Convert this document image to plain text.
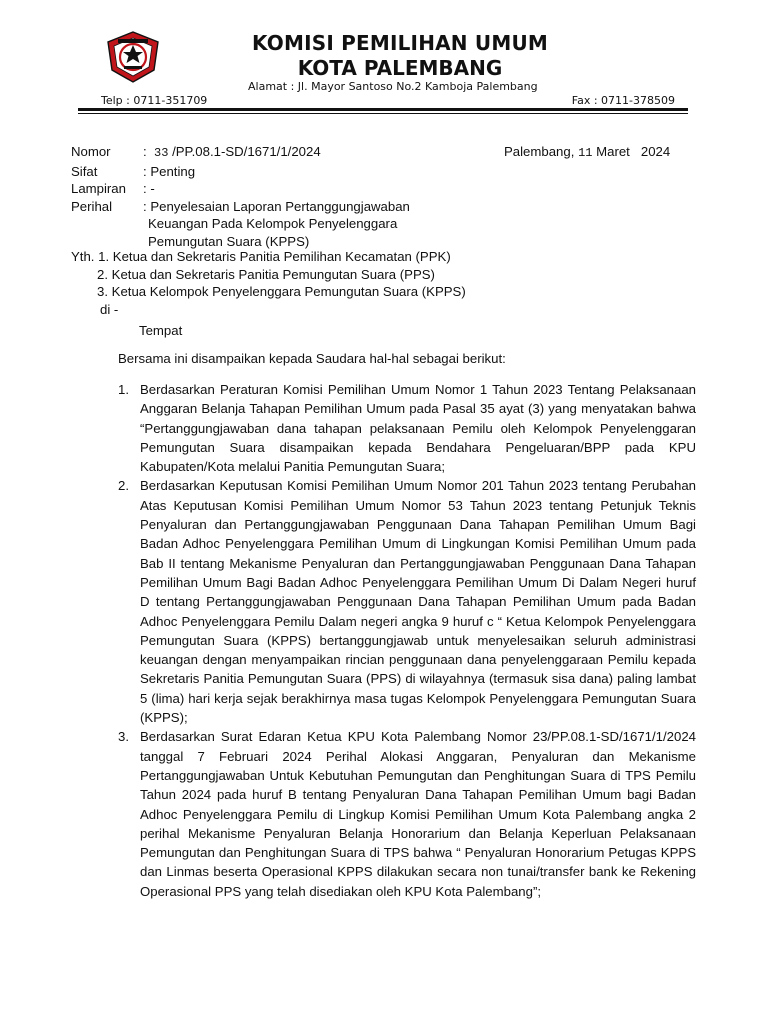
KOMISI PEMILIHAN UMUM
KOTA PALEMBANG
Alamat : Jl. Mayor Santoso No.2 Kamboja Palembang
Telp : 0711-351709	Fax : 0711-378509
Nomor	: 33 /PP.08.1-SD/1671/1/2024
Sifat	: Penting
Lampiran	: -
Perihal	: Penyelesaian Laporan Pertanggungjawaban
Keuangan Pada Kelompok Penyelenggara
Pemungutan Suara (KPPS)
Palembang, 11 Maret 2024
Yth. 1. Ketua dan Sekretaris Panitia Pemilihan Kecamatan (PPK)
2. Ketua dan Sekretaris Panitia Pemungutan Suara (PPS)
3. Ketua Kelompok Penyelenggara Pemungutan Suara (KPPS)
di -
Tempat
Bersama ini disampaikan kepada Saudara hal-hal sebagai berikut:
1. Berdasarkan Peraturan Komisi Pemilihan Umum Nomor 1 Tahun 2023 Tentang Pelaksanaan Anggaran Belanja Tahapan Pemilihan Umum pada Pasal 35 ayat (3) yang menyatakan bahwa “Pertanggungjawaban dana tahapan pelaksanaan Pemilu oleh Kelompok Penyelenggaran Pemungutan Suara disampaikan kepada Bendahara Pengeluaran/BPP pada KPU Kabupaten/Kota melalui Panitia Pemungutan Suara;
2. Berdasarkan Keputusan Komisi Pemilihan Umum Nomor 201 Tahun 2023 tentang Perubahan Atas Keputusan Komisi Pemilihan Umum Nomor 53 Tahun 2023 tentang Petunjuk Teknis Penyaluran dan Pertanggungjawaban Penggunaan Dana Tahapan Pemilihan Umum Bagi Badan Adhoc Penyelenggara Pemilihan Umum di Lingkungan Komisi Pemilihan Umum pada Bab II tentang Mekanisme Penyaluran dan Pertanggungjawaban Penggunaan Dana Tahapan Pemilihan Umum Bagi Badan Adhoc Penyelenggara Pemilihan Umum Di Dalam Negeri huruf D tentang Pertanggungjawaban Penggunaan Dana Tahapan Pemilihan Umum pada Badan Adhoc Penyelenggara Pemilu Dalam negeri angka 9 huruf c “ Ketua Kelompok Penyelenggara Pemungutan Suara (KPPS) bertanggungjawab untuk menyelesaikan seluruh administrasi keuangan dengan menyampaikan rincian penggunaan dana penyelenggaraan Pemilu kepada Sekretaris Panitia Pemungutan Suara (PPS) di wilayahnya (termasuk sisa dana) paling lambat 5 (lima) hari kerja sejak berakhirnya masa tugas Kelompok Penyelenggara Pemungutan Suara (KPPS);
3. Berdasarkan Surat Edaran Ketua KPU Kota Palembang Nomor 23/PP.08.1-SD/1671/1/2024 tanggal 7 Februari 2024 Perihal Alokasi Anggaran, Penyaluran dan Mekanisme Pertanggungjawaban Untuk Kebutuhan Pemungutan dan Penghitungan Suara di TPS Pemilu Tahun 2024 pada huruf B tentang Penyaluran Dana Tahapan Pemilihan Umum bagi Badan Adhoc Penyelenggara Pemilu di Lingkup Komisi Pemilihan Umum Kota Palembang angka 2 perihal Mekanisme Penyaluran Belanja Honorarium dan Belanja Keperluan Pelaksanaan Pemungutan dan Penghitungan Suara di TPS bahwa “ Penyaluran Honorarium Petugas KPPS dan Linmas beserta Operasional KPPS dilakukan secara non tunai/transfer bank ke Rekening Operasional PPS yang telah disediakan oleh KPU Kota Palembang”;
